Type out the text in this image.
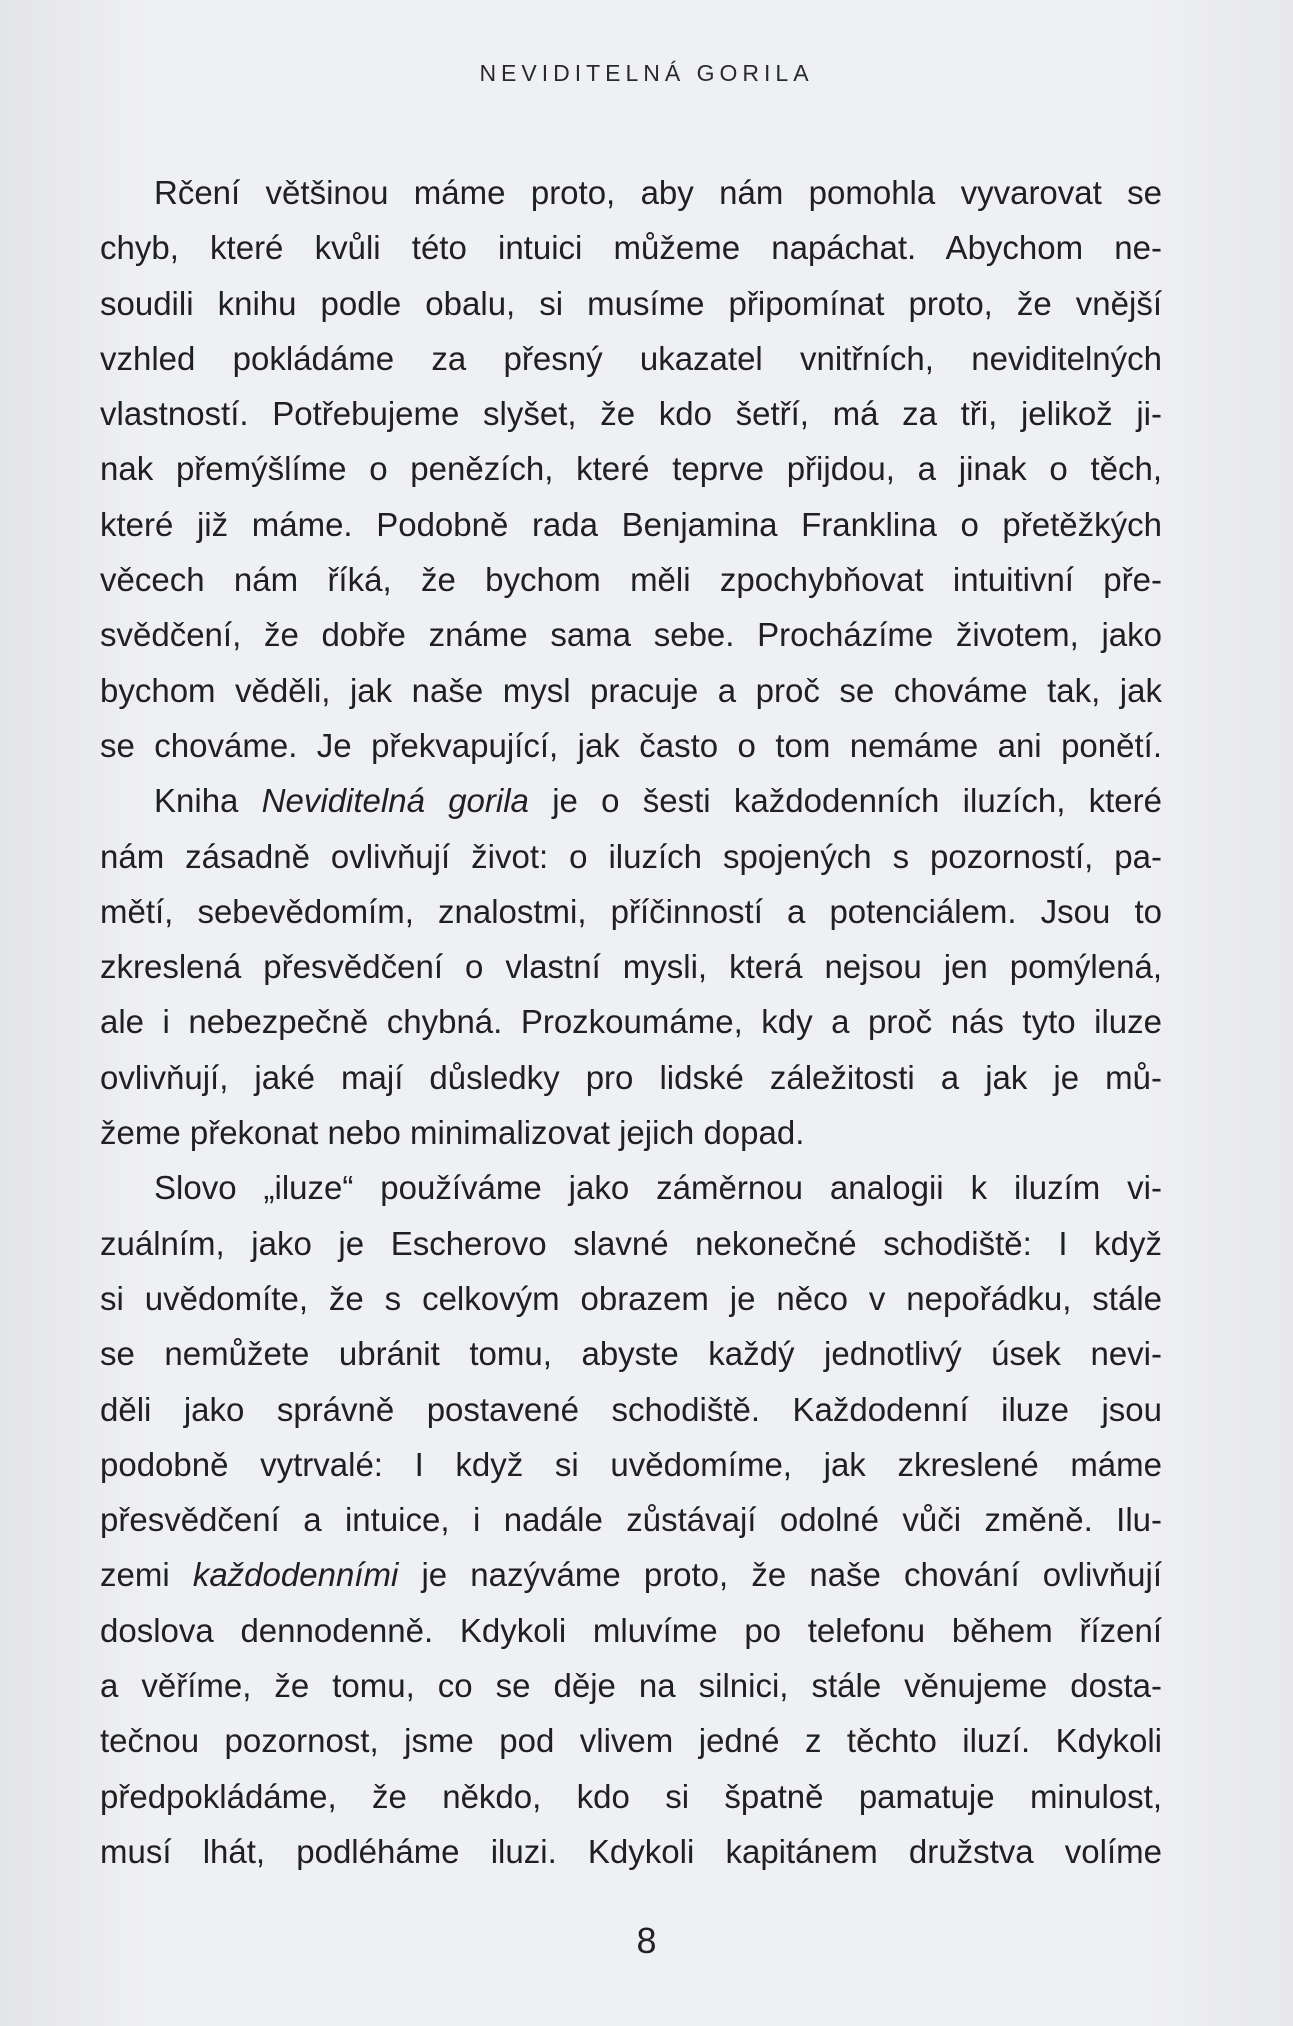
NEVIDITELNÁ GORILA
Rčení většinou máme proto, aby nám pomohla vyvarovat se
chyb, které kvůli této intuici můžeme napáchat. Abychom ne-
soudili knihu podle obalu, si musíme připomínat proto, že vnější
vzhled pokládáme za přesný ukazatel vnitřních, neviditelných
vlastností. Potřebujeme slyšet, že kdo šetří, má za tři, jelikož ji-
nak přemýšlíme o penězích, které teprve přijdou, a jinak o těch,
které již máme. Podobně rada Benjamina Franklina o přetěžkých
věcech nám říká, že bychom měli zpochybňovat intuitivní pře-
svědčení, že dobře známe sama sebe. Procházíme životem, jako
bychom věděli, jak naše mysl pracuje a proč se chováme tak, jak
se chováme. Je překvapující, jak často o tom nemáme ani ponětí.
Kniha Neviditelná gorila je o šesti každodenních iluzích, které
nám zásadně ovlivňují život: o iluzích spojených s pozorností, pa-
mětí, sebevědomím, znalostmi, příčinností a potenciálem. Jsou to
zkreslená přesvědčení o vlastní mysli, která nejsou jen pomýlená,
ale i nebezpečně chybná. Prozkoumáme, kdy a proč nás tyto iluze
ovlivňují, jaké mají důsledky pro lidské záležitosti a jak je mů-
žeme překonat nebo minimalizovat jejich dopad.
Slovo „iluze“ používáme jako záměrnou analogii k iluzím vi-
zuálním, jako je Escherovo slavné nekonečné schodiště: I když
si uvědomíte, že s celkovým obrazem je něco v nepořádku, stále
se nemůžete ubránit tomu, abyste každý jednotlivý úsek nevi-
děli jako správně postavené schodiště. Každodenní iluze jsou
podobně vytrvalé: I když si uvědomíme, jak zkreslené máme
přesvědčení a intuice, i nadále zůstávají odolné vůči změně. Ilu-
zemi každodenními je nazýváme proto, že naše chování ovlivňují
doslova dennodenně. Kdykoli mluvíme po telefonu během řízení
a věříme, že tomu, co se děje na silnici, stále věnujeme dosta-
tečnou pozornost, jsme pod vlivem jedné z těchto iluzí. Kdykoli
předpokládáme, že někdo, kdo si špatně pamatuje minulost,
musí lhát, podléháme iluzi. Kdykoli kapitánem družstva volíme
8
